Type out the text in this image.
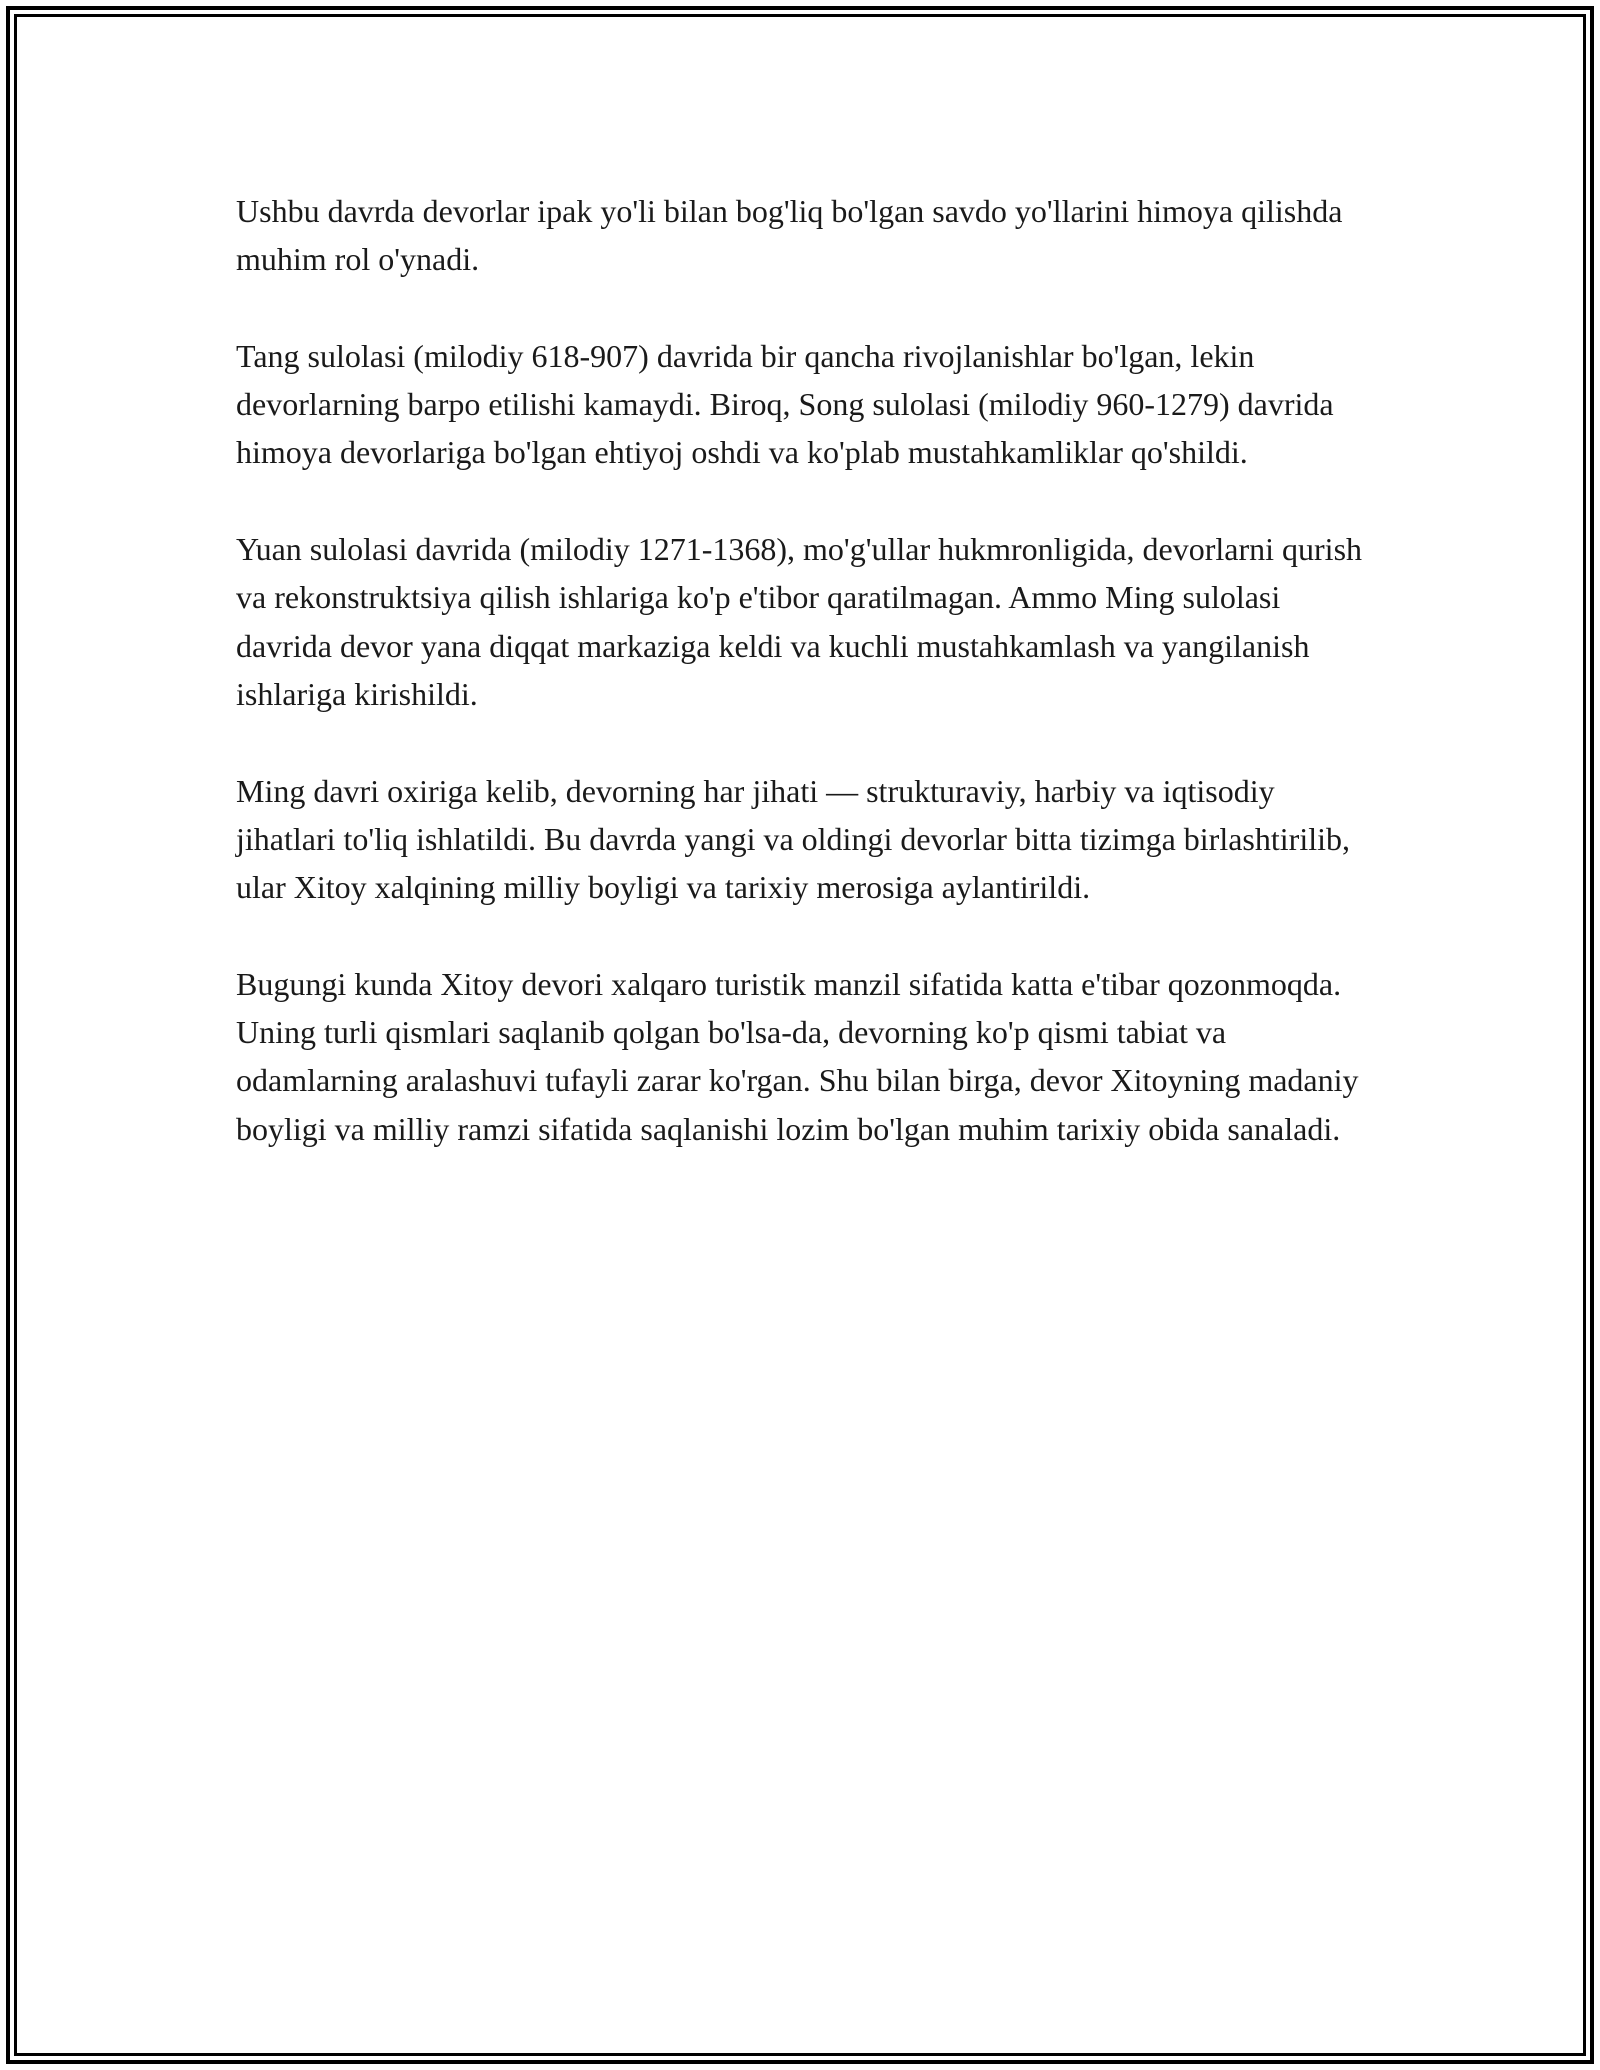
Ushbu davrda devorlar ipak yo'li bilan bog'liq bo'lgan savdo yo'llarini himoya qilishda muhim rol o'ynadi.

Tang sulolasi (milodiy 618-907) davrida bir qancha rivojlanishlar bo'lgan, lekin devorlarning barpo etilishi kamaydi. Biroq, Song sulolasi (milodiy 960-1279) davrida himoya devorlariga bo'lgan ehtiyoj oshdi va ko'plab mustahkamliklar qo'shildi.

Yuan sulolasi davrida (milodiy 1271-1368), mo'g'ullar hukmronligida, devorlarni qurish va rekonstruktsiya qilish ishlariga ko'p e'tibor qaratilmagan. Ammo Ming sulolasi davrida devor yana diqqat markaziga keldi va kuchli mustahkamlash va yangilanish ishlariga kirishildi.

Ming davri oxiriga kelib, devorning har jihati — strukturaviy, harbiy va iqtisodiy jihatlari to'liq ishlatildi. Bu davrda yangi va oldingi devorlar bitta tizimga birlashtirilib, ular Xitoy xalqining milliy boyligi va tarixiy merosiga aylantirildi.

Bugungi kunda Xitoy devori xalqaro turistik manzil sifatida katta e'tibar qozonmoqda. Uning turli qismlari saqlanib qolgan bo'lsa-da, devorning ko'p qismi tabiat va odamlarning aralashuvi tufayli zarar ko'rgan. Shu bilan birga, devor Xitoyning madaniy boyligi va milliy ramzi sifatida saqlanishi lozim bo'lgan muhim tarixiy obida sanaladi.
